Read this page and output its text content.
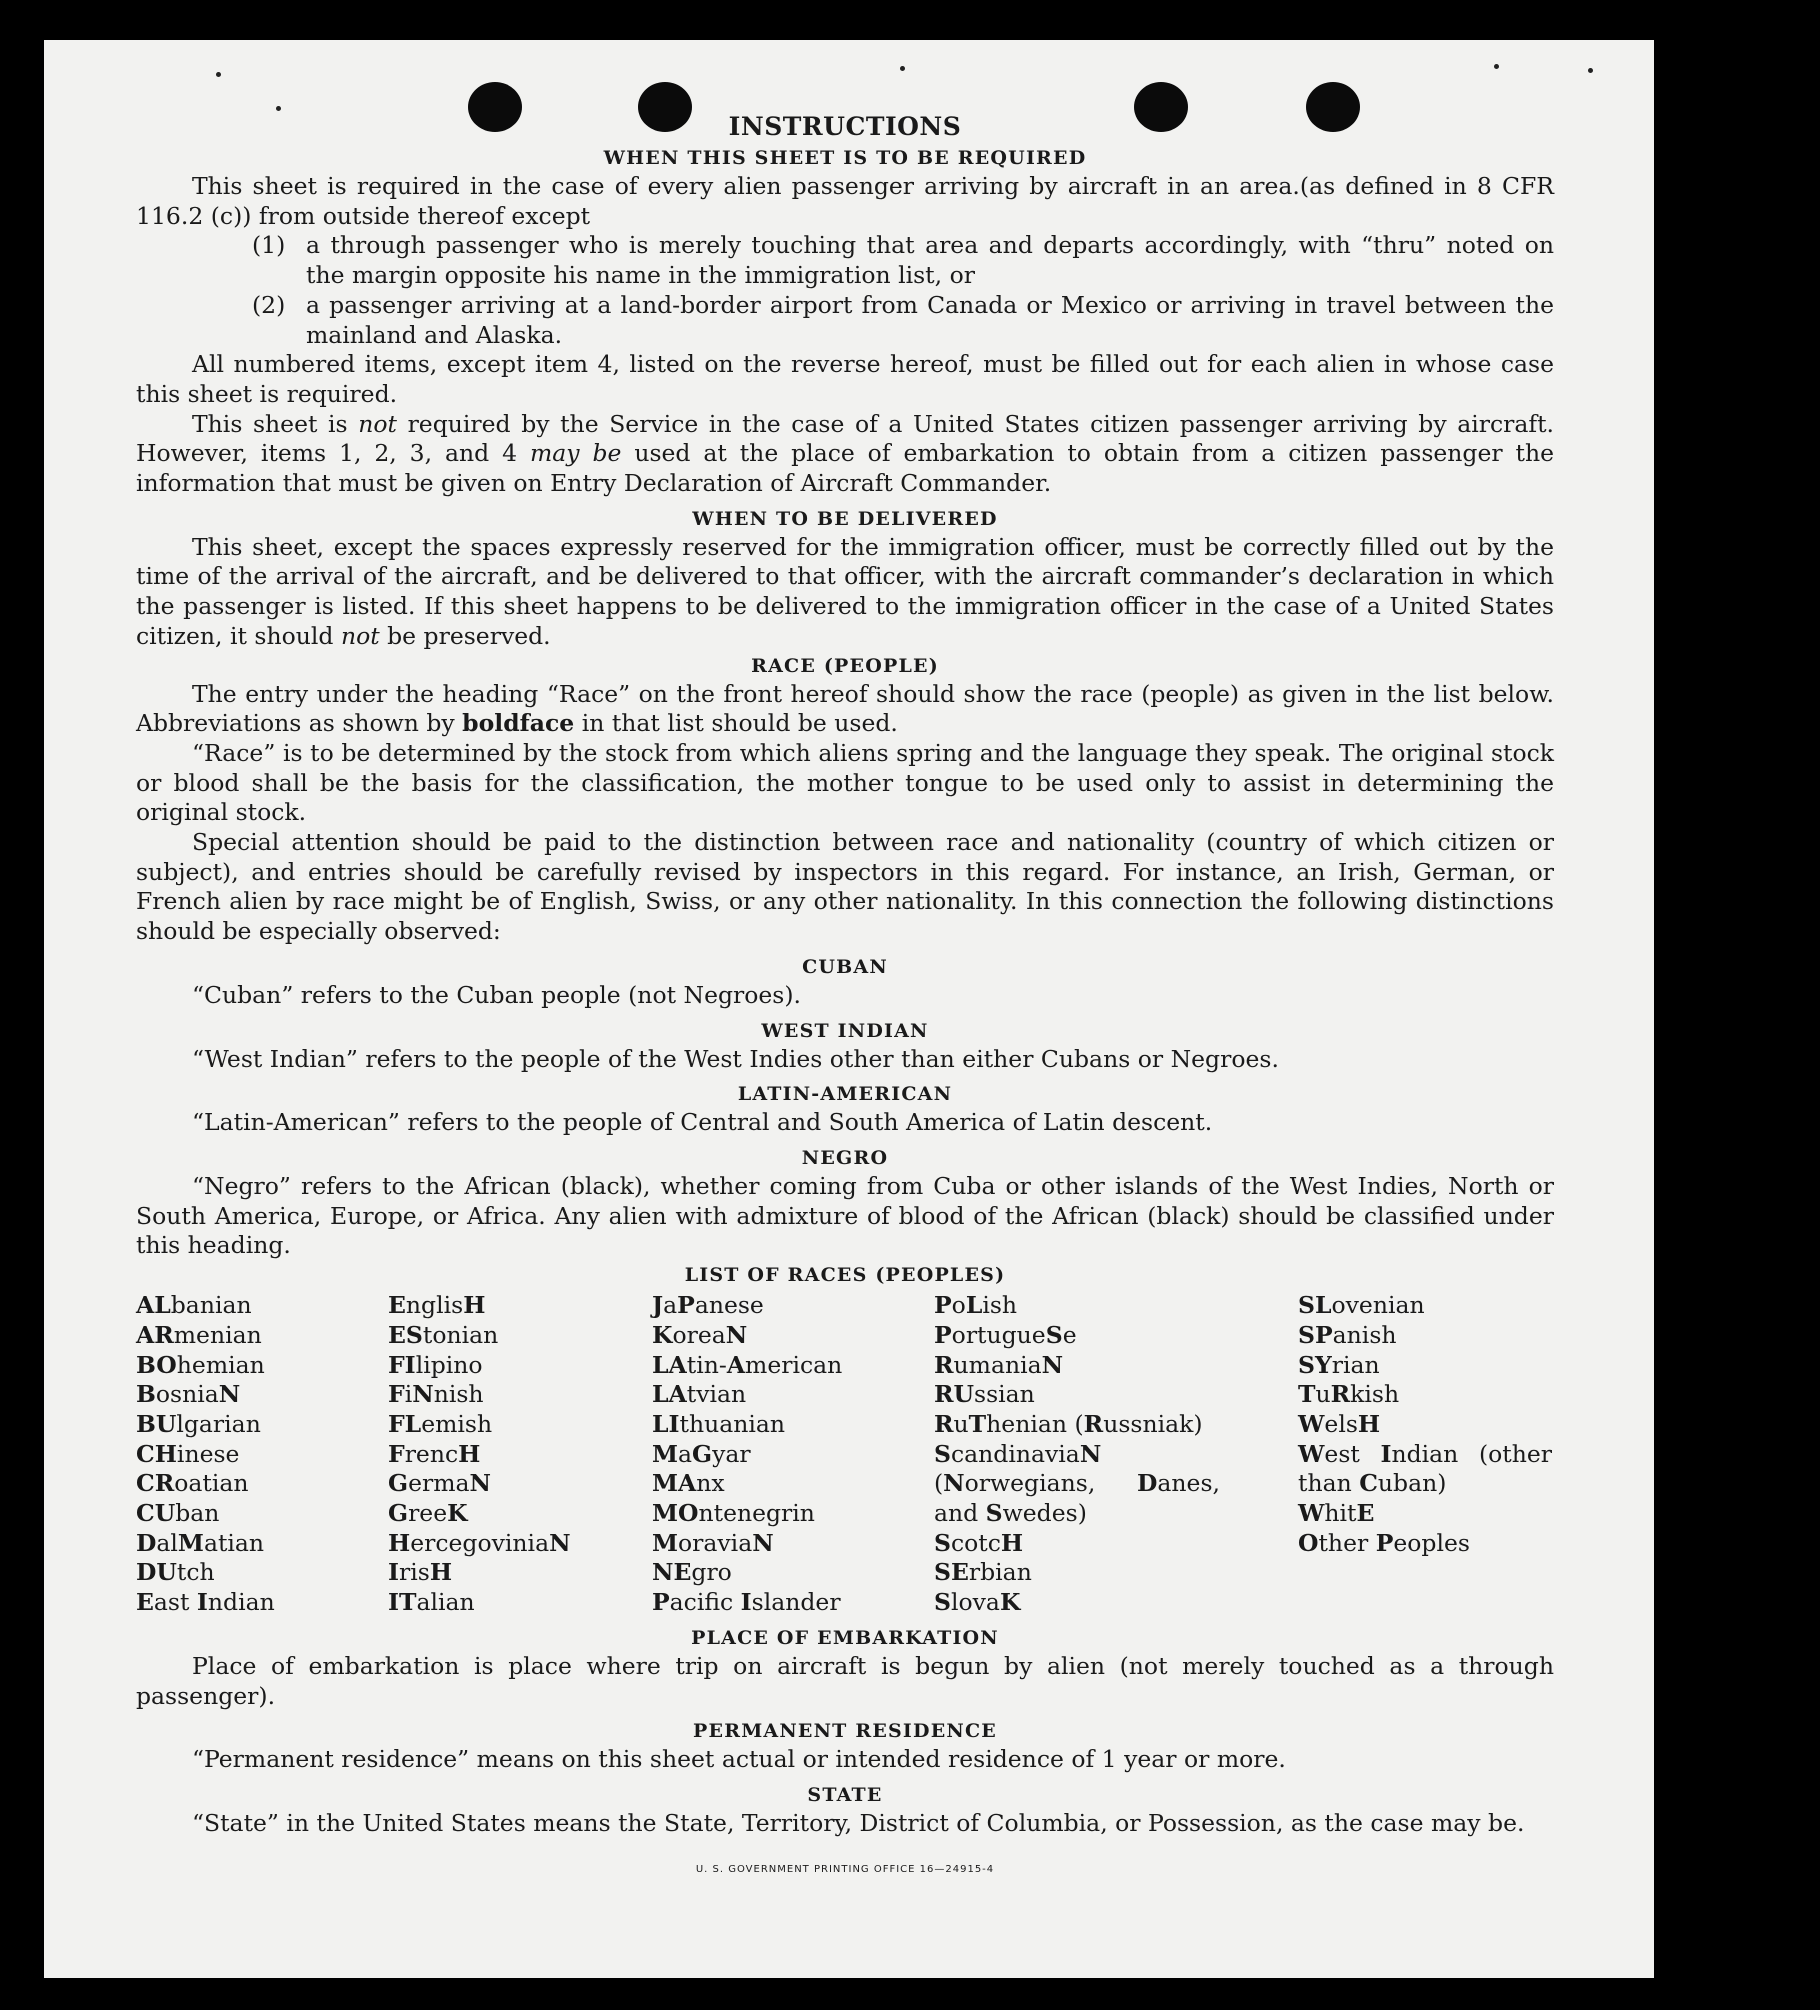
INSTRUCTIONS
WHEN THIS SHEET IS TO BE REQUIRED

This sheet is required in the case of every alien passenger arriving by aircraft in an area.(as defined in 8 CFR 116.2 (c)) from outside thereof except

(1) a through passenger who is merely touching that area and departs accordingly, with “thru” noted on the margin opposite his name in the immigration list, or
(2) a passenger arriving at a land-border airport from Canada or Mexico or arriving in travel between the mainland and Alaska.

All numbered items, except item 4, listed on the reverse hereof, must be filled out for each alien in whose case this sheet is required.

This sheet is not required by the Service in the case of a United States citizen passenger arriving by aircraft. However, items 1, 2, 3, and 4 may be used at the place of embarkation to obtain from a citizen passenger the information that must be given on Entry Declaration of Aircraft Commander.

WHEN TO BE DELIVERED

This sheet, except the spaces expressly reserved for the immigration officer, must be correctly filled out by the time of the arrival of the aircraft, and be delivered to that officer, with the aircraft commander’s declaration in which the passenger is listed. If this sheet happens to be delivered to the immigration officer in the case of a United States citizen, it should not be preserved.

RACE (PEOPLE)

The entry under the heading “Race” on the front hereof should show the race (people) as given in the list below. Abbreviations as shown by boldface in that list should be used.

“Race” is to be determined by the stock from which aliens spring and the language they speak. The original stock or blood shall be the basis for the classification, the mother tongue to be used only to assist in determining the original stock.

Special attention should be paid to the distinction between race and nationality (country of which citizen or subject), and entries should be carefully revised by inspectors in this regard. For instance, an Irish, German, or French alien by race might be of English, Swiss, or any other nationality. In this connection the following distinctions should be especially observed:

CUBAN

“Cuban” refers to the Cuban people (not Negroes).

WEST INDIAN

“West Indian” refers to the people of the West Indies other than either Cubans or Negroes.

LATIN-AMERICAN

“Latin-American” refers to the people of Central and South America of Latin descent.

NEGRO

“Negro” refers to the African (black), whether coming from Cuba or other islands of the West Indies, North or South America, Europe, or Africa. Any alien with admixture of blood of the African (black) should be classified under this heading.

LIST OF RACES (PEOPLES)
ALbanian
ARmenian
BOhemian
BosniaN
BUlgarian
CHinese
CRoatian
CUban
DalMatian
DUtch
East Indian
EnglisH
EStonian
FIlipino
FiNnish
FLemish
FrencH
GermaN
GreeK
HercegoviniaN
IrisH
ITalian
JaPanese
KoreaN
LAtin-American
LAtvian
LIthuanian
MaGyar
MAnx
MOntenegrin
MoraviaN
NEgro
Pacific Islander
PoLish
PortugueSe
RumaniaN
RUssian
RuThenian (Russniak)
ScandinaviaN (Norwegians, Danes, and Swedes)
ScotcH
SErbian
SlovaK
SLovenian
SPanish
SYrian
TuRkish
WelsH
West Indian (other than Cuban)
WhitE
Other Peoples
PLACE OF EMBARKATION

Place of embarkation is place where trip on aircraft is begun by alien (not merely touched as a through passenger).

PERMANENT RESIDENCE

“Permanent residence” means on this sheet actual or intended residence of 1 year or more.

STATE

“State” in the United States means the State, Territory, District of Columbia, or Possession, as the case may be.

U. S. GOVERNMENT PRINTING OFFICE 16—24915-4
